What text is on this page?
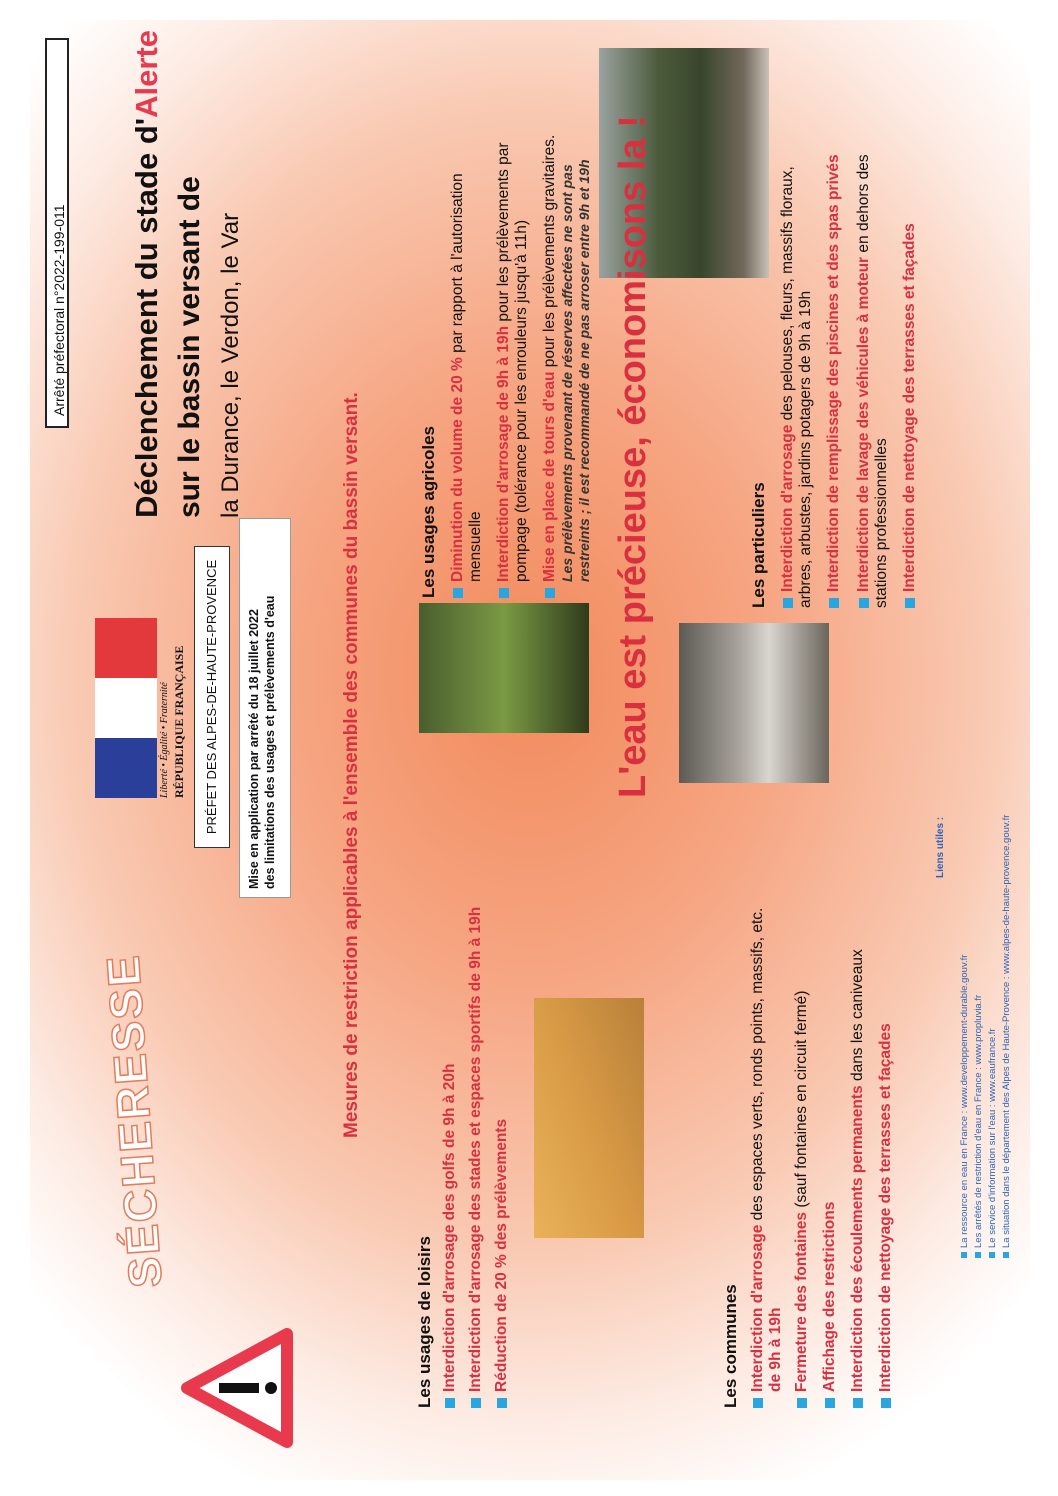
Arrêté préfectoral n°2022-199-011
Liberté • Égalité • Fraternité RÉPUBLIQUE FRANÇAISE	PRÉFET DES ALPES-DE-HAUTE-PROVENCE	Mise en application par arrêté du 18 juillet 2022 des limitations des usages et prélèvements d'eau
Déclenchement du stade d'Alerte
sur le bassin versant de la Durance, le Verdon, le Var
SÉCHERESSE	Mesures de restriction applicables à l'ensemble des communes du bassin versant.
Les usages de loisirs Interdiction d'arrosage des golfs de 9h à 20h Interdiction d'arrosage des stades et espaces sportifs de 9h à 19h Réduction de 20 % des prélèvements
Les usages agricoles Diminution du volume de 20 % par rapport à l'autorisation
mensuelle Interdiction d'arrosage de 9h à 19h pour les prélèvements par pompage (tolérance pour les enrouleurs jusqu'à 11h) Mise en place de tours d'eau pour les prélèvements gravitaires. Les prélèvements provenant de réserves affectées ne sont pas restreints ; il est recommandé de ne pas arroser entre 9h et 19h L'eau est précieuse, économisons la !
Les communes Interdiction d'arrosage des espaces verts, ronds points, massifs, etc.
de 9h à 19h Fermeture des fontaines (sauf fontaines en circuit fermé)
Affichage des restrictions Interdiction des écoulements permanents dans les caniveaux
Interdiction de nettoyage des terrasses et façades
Les particuliers Interdiction d'arrosage des pelouses, fleurs, massifs floraux, arbres, arbustes, jardins potagers de 9h à 19h Interdiction de remplissage des piscines et des spas privés Interdiction de lavage des véhicules à moteur en dehors des
stations professionnelles Interdiction de nettoyage des terrasses et façades
Liens utiles :
La ressource en eau en France : www.developpement-durable.gouv.fr Les arrêtés de restriction d'eau en France : www.propluvia.fr Le service d'information sur l'eau : www.eaufrance.fr La situation dans le département des Alpes de Haute-Provence : www.alpes-de-haute-provence.gouv.fr
